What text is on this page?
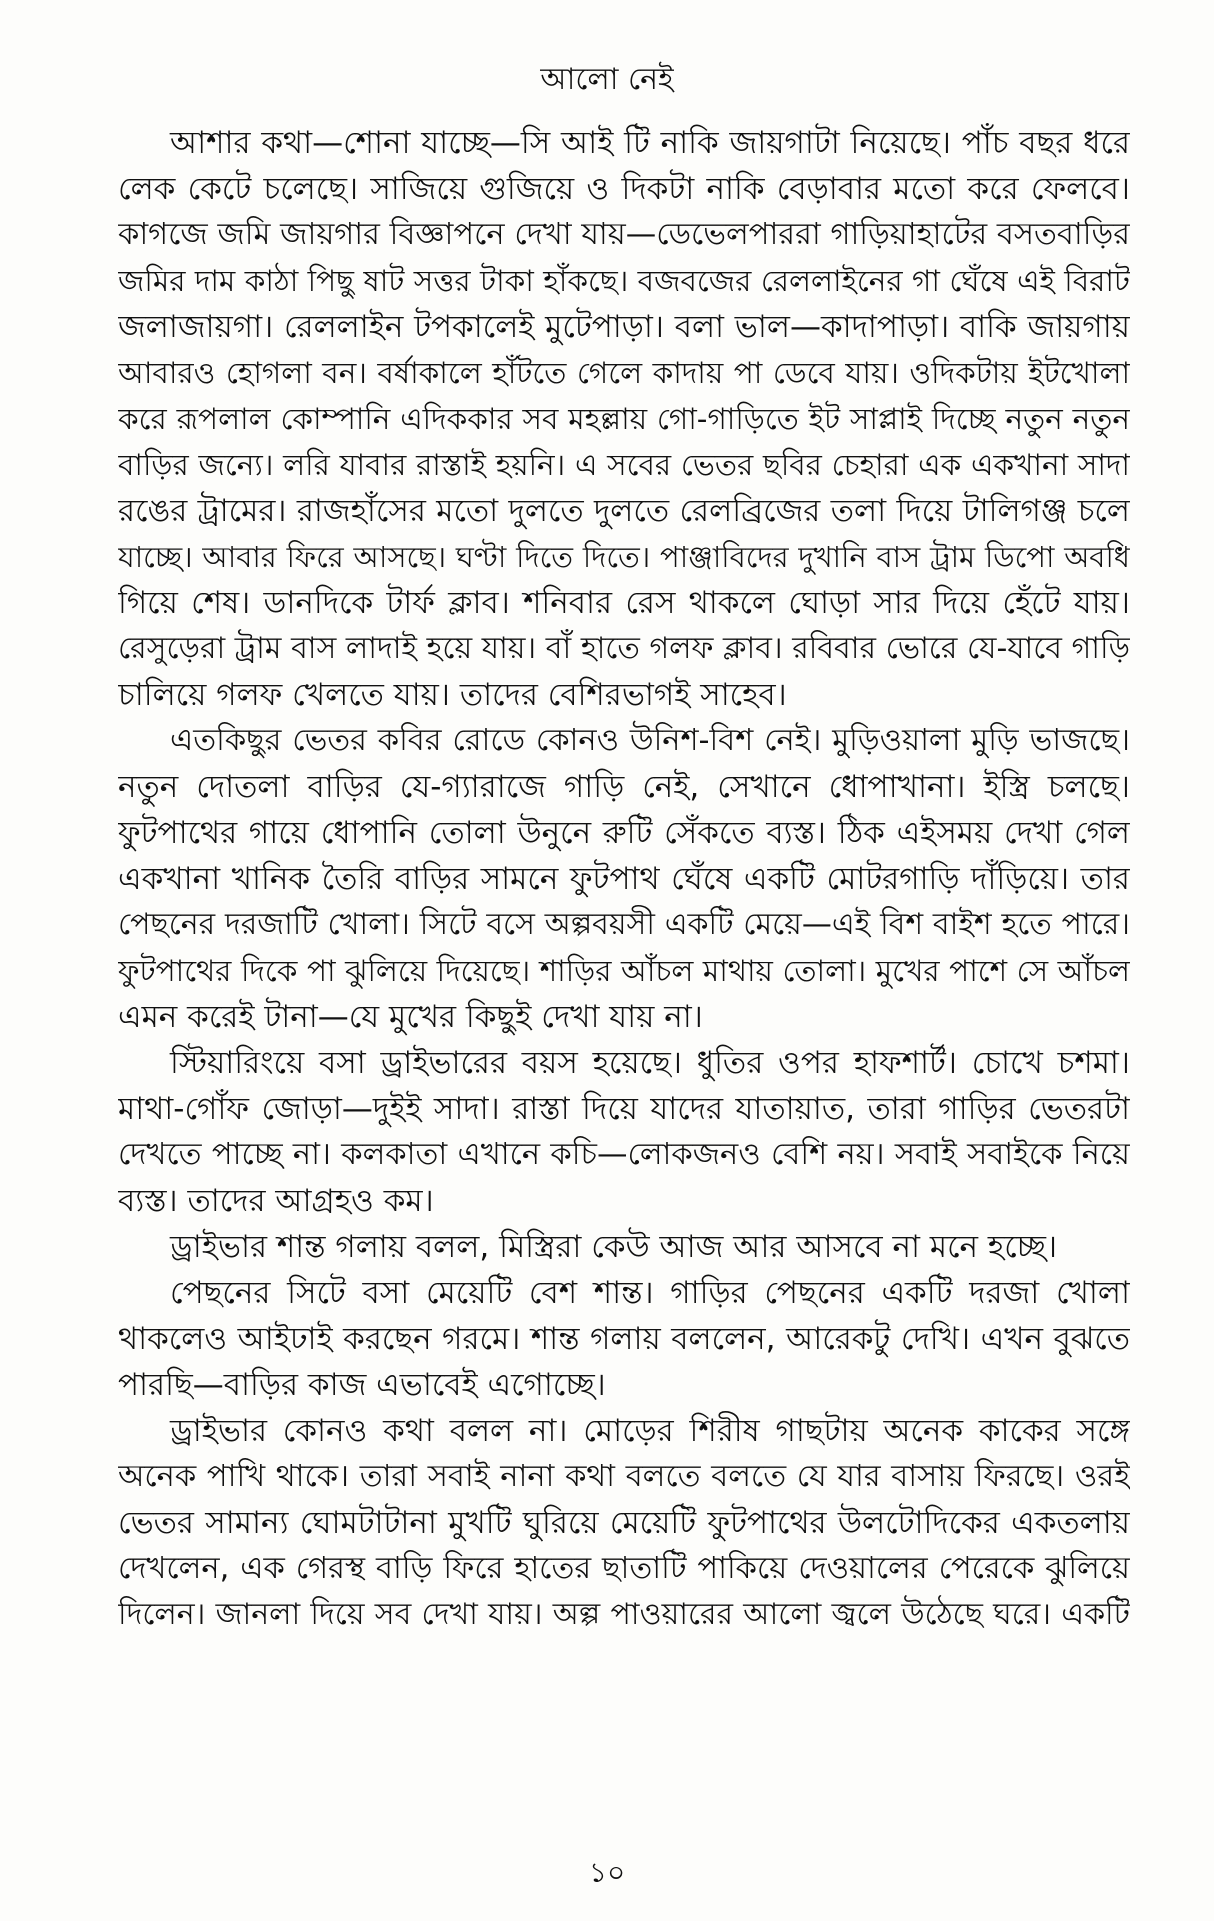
আলো নেই
আশার কথা—শোনা যাচ্ছে—সি আই টি নাকি জায়গাটা নিয়েছে। পাঁচ বছর ধরে
লেক কেটে চলেছে। সাজিয়ে গুজিয়ে ও দিকটা নাকি বেড়াবার মতো করে ফেলবে।
কাগজে জমি জায়গার বিজ্ঞাপনে দেখা যায়—ডেভেলপাররা গাড়িয়াহাটের বসতবাড়ির
জমির দাম কাঠা পিছু ষাট সত্তর টাকা হাঁকছে। বজবজের রেললাইনের গা ঘেঁষে এই বিরাট
জলাজায়গা। রেললাইন টপকালেই মুটেপাড়া। বলা ভাল—কাদাপাড়া। বাকি জায়গায়
আবারও হোগলা বন। বর্ষাকালে হাঁটতে গেলে কাদায় পা ডেবে যায়। ওদিকটায় ইটখোলা
করে রূপলাল কোম্পানি এদিককার সব মহল্লায় গো-গাড়িতে ইট সাপ্লাই দিচ্ছে নতুন নতুন
বাড়ির জন্যে। লরি যাবার রাস্তাই হয়নি। এ সবের ভেতর ছবির চেহারা এক একখানা সাদা
রঙের ট্রামের। রাজহাঁসের মতো দুলতে দুলতে রেলব্রিজের তলা দিয়ে টালিগঞ্জ চলে
যাচ্ছে। আবার ফিরে আসছে। ঘণ্টা দিতে দিতে। পাঞ্জাবিদের দুখানি বাস ট্রাম ডিপো অবধি
গিয়ে শেষ। ডানদিকে টার্ফ ক্লাব। শনিবার রেস থাকলে ঘোড়া সার দিয়ে হেঁটে যায়।
রেসুড়েরা ট্রাম বাস লাদাই হয়ে যায়। বাঁ হাতে গলফ ক্লাব। রবিবার ভোরে যে-যাবে গাড়ি
চালিয়ে গলফ খেলতে যায়। তাদের বেশিরভাগই সাহেব।
এতকিছুর ভেতর কবির রোডে কোনও উনিশ-বিশ নেই। মুড়িওয়ালা মুড়ি ভাজছে।
নতুন দোতলা বাড়ির যে-গ্যারাজে গাড়ি নেই, সেখানে ধোপাখানা। ইস্ত্রি চলছে।
ফুটপাথের গায়ে ধোপানি তোলা উনুনে রুটি সেঁকতে ব্যস্ত। ঠিক এইসময় দেখা গেল
একখানা খানিক তৈরি বাড়ির সামনে ফুটপাথ ঘেঁষে একটি মোটরগাড়ি দাঁড়িয়ে। তার
পেছনের দরজাটি খোলা। সিটে বসে অল্পবয়সী একটি মেয়ে—এই বিশ বাইশ হতে পারে।
ফুটপাথের দিকে পা ঝুলিয়ে দিয়েছে। শাড়ির আঁচল মাথায় তোলা। মুখের পাশে সে আঁচল
এমন করেই টানা—যে মুখের কিছুই দেখা যায় না।
স্টিয়ারিংয়ে বসা ড্রাইভারের বয়স হয়েছে। ধুতির ওপর হাফশার্ট। চোখে চশমা।
মাথা-গোঁফ জোড়া—দুইই সাদা। রাস্তা দিয়ে যাদের যাতায়াত, তারা গাড়ির ভেতরটা
দেখতে পাচ্ছে না। কলকাতা এখানে কচি—লোকজনও বেশি নয়। সবাই সবাইকে নিয়ে
ব্যস্ত। তাদের আগ্রহও কম।
ড্রাইভার শান্ত গলায় বলল, মিস্ত্রিরা কেউ আজ আর আসবে না মনে হচ্ছে।
পেছনের সিটে বসা মেয়েটি বেশ শান্ত। গাড়ির পেছনের একটি দরজা খোলা
থাকলেও আইঢাই করছেন গরমে। শান্ত গলায় বললেন, আরেকটু দেখি। এখন বুঝতে
পারছি—বাড়ির কাজ এভাবেই এগোচ্ছে।
ড্রাইভার কোনও কথা বলল না। মোড়ের শিরীষ গাছটায় অনেক কাকের সঙ্গে
অনেক পাখি থাকে। তারা সবাই নানা কথা বলতে বলতে যে যার বাসায় ফিরছে। ওরই
ভেতর সামান্য ঘোমটাটানা মুখটি ঘুরিয়ে মেয়েটি ফুটপাথের উলটোদিকের একতলায়
দেখলেন, এক গেরস্থ বাড়ি ফিরে হাতের ছাতাটি পাকিয়ে দেওয়ালের পেরেকে ঝুলিয়ে
দিলেন। জানলা দিয়ে সব দেখা যায়। অল্প পাওয়ারের আলো জ্বলে উঠেছে ঘরে। একটি
১০
